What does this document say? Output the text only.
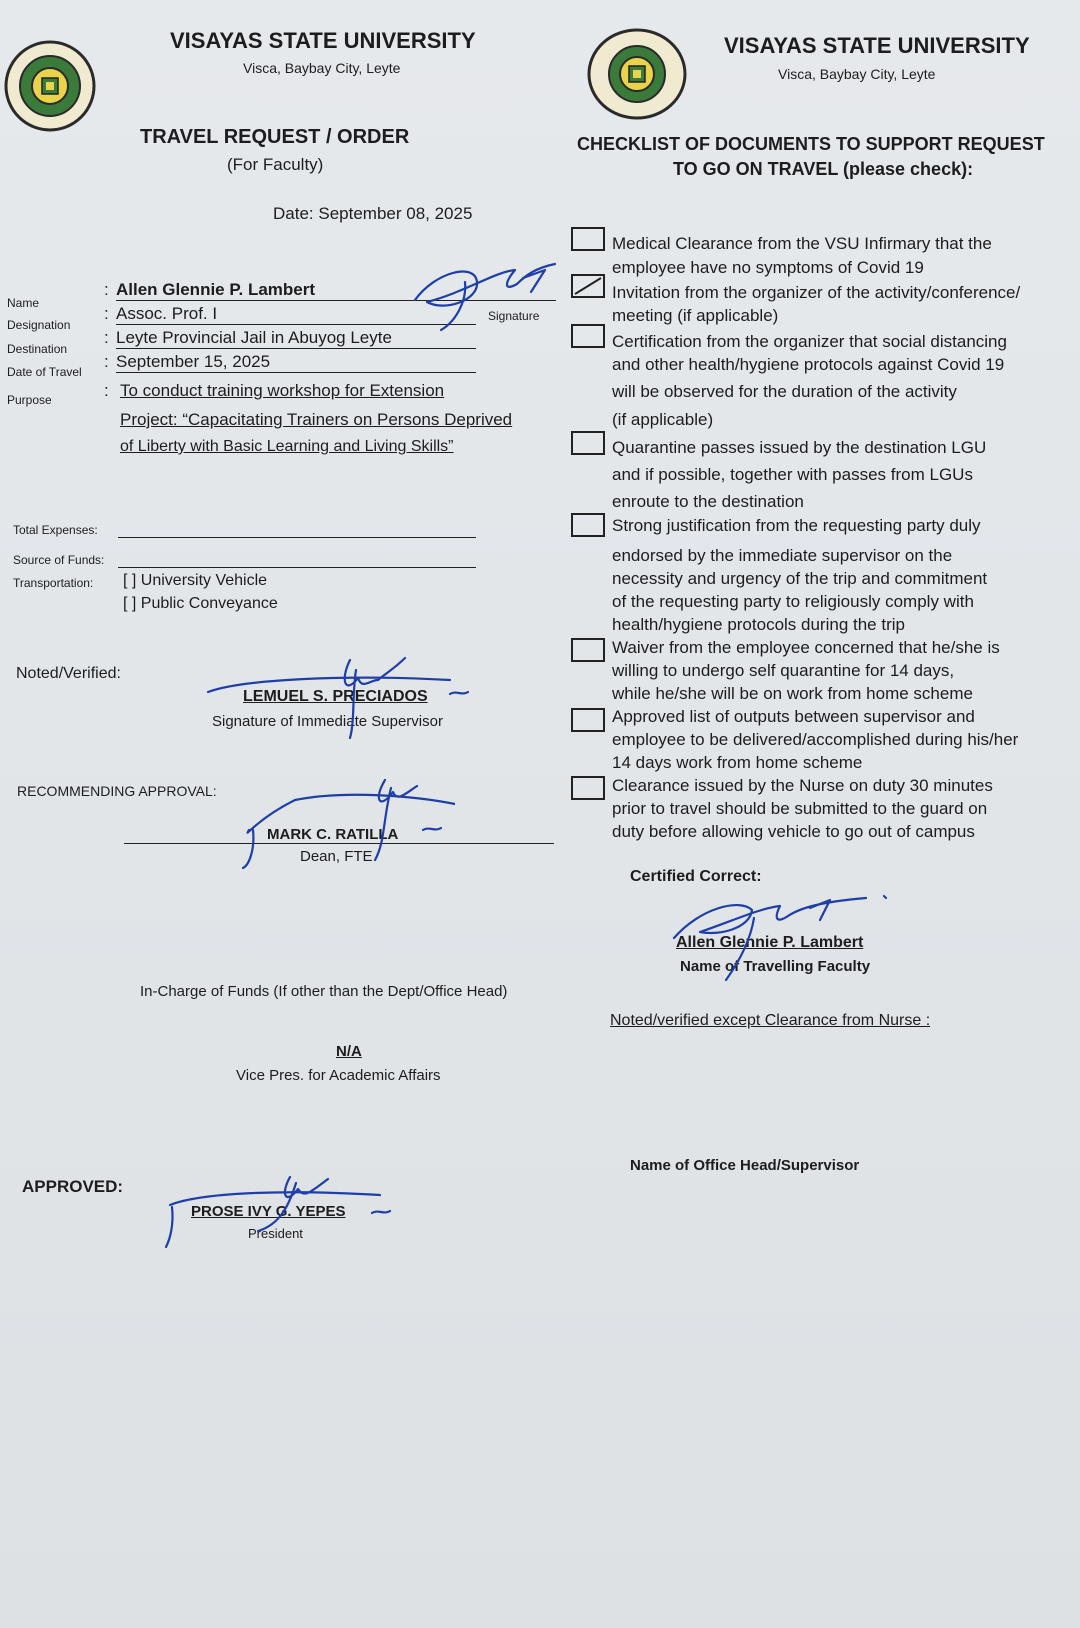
VISAYAS STATE UNIVERSITY
Visca, Baybay City, Leyte
TRAVEL REQUEST / ORDER
(For Faculty)
Date: September 08, 2025
Name
Designation
Destination
Date of Travel
Purpose
:
:
:
:
:
Allen Glennie P. Lambert
Assoc. Prof. I
Leyte Provincial Jail in Abuyog Leyte
September 15, 2025
Signature
To conduct training workshop for Extension
Project: “Capacitating Trainers on Persons Deprived
of Liberty with Basic Learning and Living Skills”
Total Expenses:
Source of Funds:
Transportation: [ ] University Vehicle
[ ] Public Conveyance
Noted/Verified:
LEMUEL S. PRECIADOS
Signature of Immediate Supervisor
RECOMMENDING APPROVAL:
MARK C. RATILLA
Dean, FTE
In-Charge of Funds (If other than the Dept/Office Head)
N/A
Vice Pres. for Academic Affairs
APPROVED:
PROSE IVY G. YEPES
President
VISAYAS STATE UNIVERSITY
Visca, Baybay City, Leyte
CHECKLIST OF DOCUMENTS TO SUPPORT REQUEST
TO GO ON TRAVEL (please check):
Medical Clearance from the VSU Infirmary that the
employee have no symptoms of Covid 19
Invitation from the organizer of the activity/conference/
meeting (if applicable)
Certification from the organizer that social distancing
and other health/hygiene protocols against Covid 19
will be observed for the duration of the activity
(if applicable)
Quarantine passes issued by the destination LGU
and if possible, together with passes from LGUs
enroute to the destination
Strong justification from the requesting party duly
endorsed by the immediate supervisor on the
necessity and urgency of the trip and commitment
of the requesting party to religiously comply with
health/hygiene protocols during the trip
Waiver from the employee concerned that he/she is
willing to undergo self quarantine for 14 days,
while he/she will be on work from home scheme
Approved list of outputs between supervisor and
employee to be delivered/accomplished during his/her
14 days work from home scheme
Clearance issued by the Nurse on duty 30 minutes
prior to travel should be submitted to the guard on
duty before allowing vehicle to go out of campus
Certified Correct:
Allen Glennie P. Lambert
Name of Travelling Faculty
Noted/verified except Clearance from Nurse :
Name of Office Head/Supervisor
